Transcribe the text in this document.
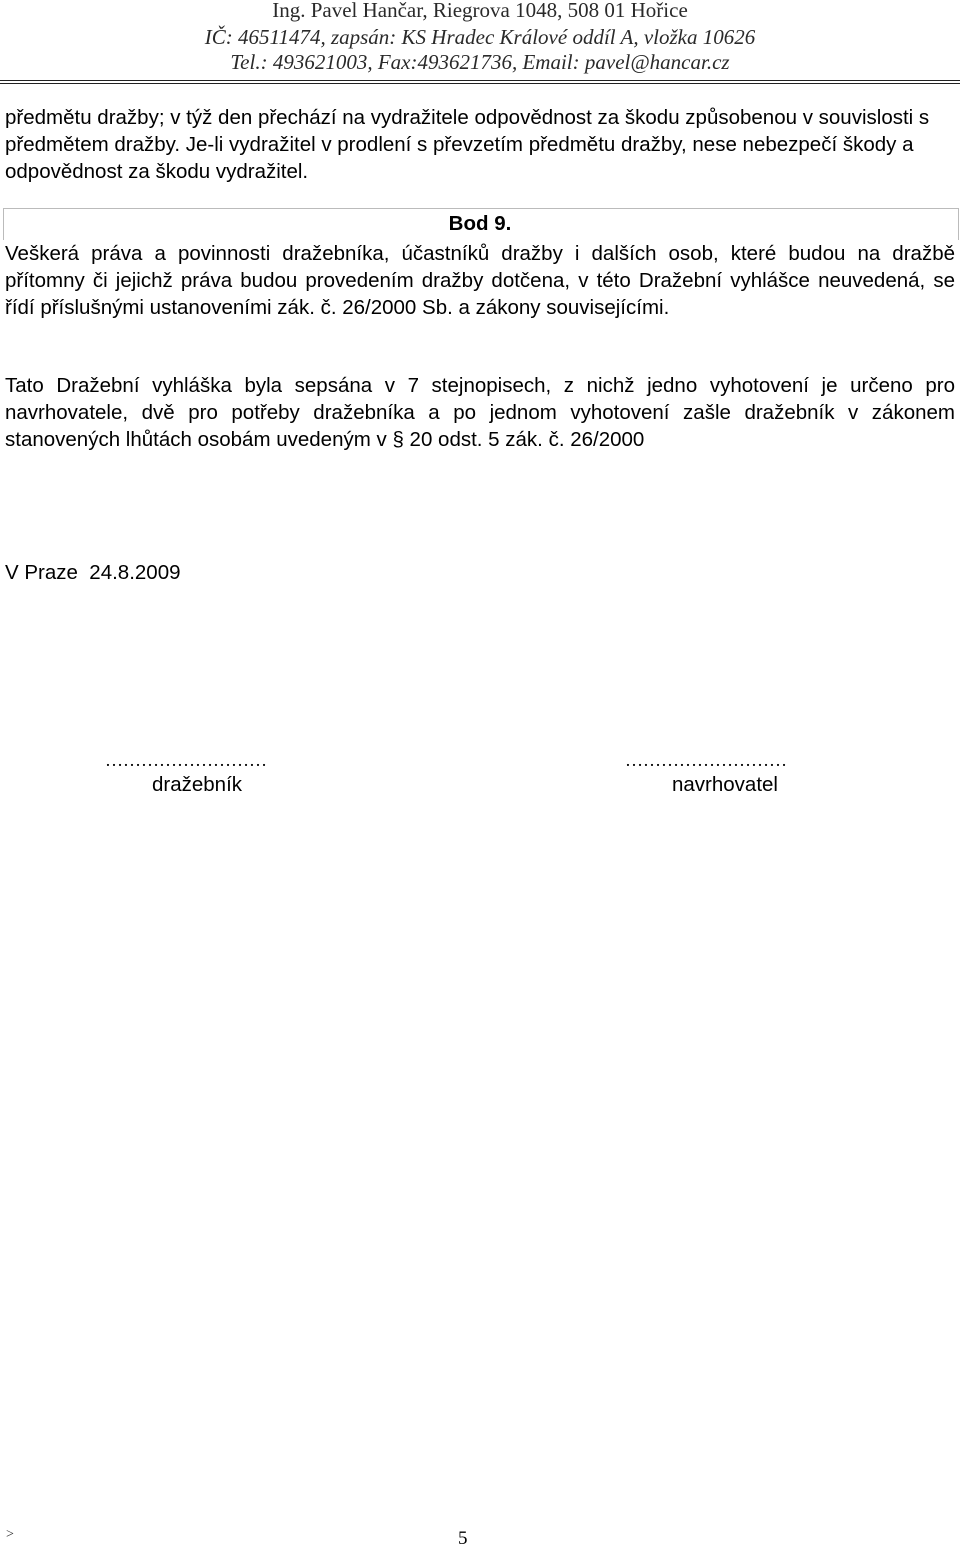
Ing. Pavel Hančar, Riegrova 1048, 508 01 Hořice
IČ: 46511474, zapsán: KS Hradec Králové oddíl A, vložka 10626
Tel.: 493621003, Fax:493621736, Email: pavel@hancar.cz
předmětu dražby; v týž den přechází na vydražitele odpovědnost za škodu způsobenou v souvislosti s předmětem dražby. Je-li vydražitel v prodlení s převzetím předmětu dražby, nese nebezpečí škody a odpovědnost za škodu vydražitel.
Bod 9.
Veškerá práva a povinnosti dražebníka, účastníků dražby i dalších osob, které budou na dražbě přítomny či jejichž práva budou provedením dražby dotčena, v této Dražební vyhlášce neuvedená, se řídí příslušnými ustanoveními zák. č. 26/2000 Sb. a zákony souvisejícími.
Tato Dražební vyhláška byla sepsána v 7 stejnopisech, z nichž jedno vyhotovení je určeno pro navrhovatele, dvě pro potřeby dražebníka a po jednom vyhotovení zašle dražebník v zákonem stanovených lhůtách osobám uvedeným v § 20 odst. 5 zák. č. 26/2000
V Praze  24.8.2009
………………………	………………………
dražebník	navrhovatel
>	5
